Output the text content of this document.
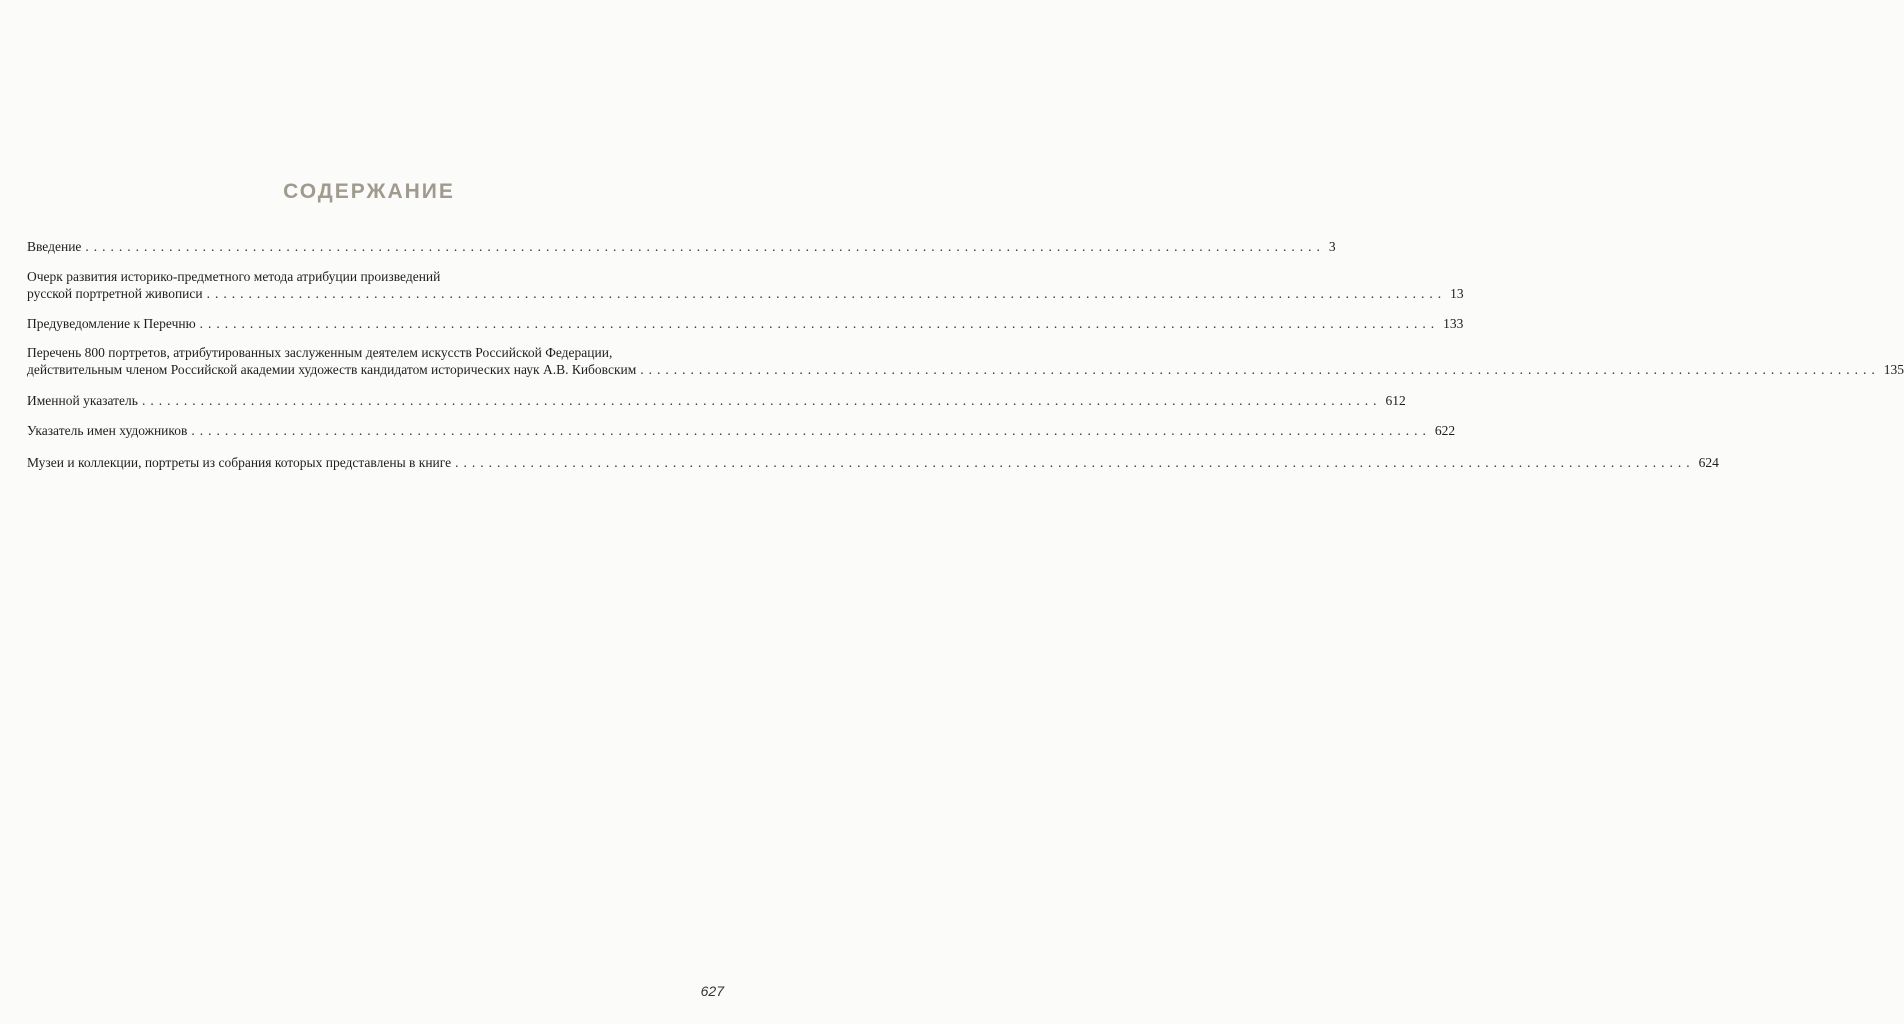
СОДЕРЖАНИЕ
Введение .................................................................................................................................................... 3
Очерк развития историко-предметного метода атрибуции произведений
русской портретной живописи .................................................................................................................................................... 13
Предуведомление к Перечню .................................................................................................................................................... 133
Перечень 800 портретов, атрибутированных заслуженным деятелем искусств Российской Федерации,
действительным членом Российской академии художеств кандидатом исторических наук А.В. Кибовским .................................................................................................................................................... 135
Именной указатель .................................................................................................................................................... 612
Указатель имен художников .................................................................................................................................................... 622
Музеи и коллекции, портреты из собрания которых представлены в книге .................................................................................................................................................... 624
627
